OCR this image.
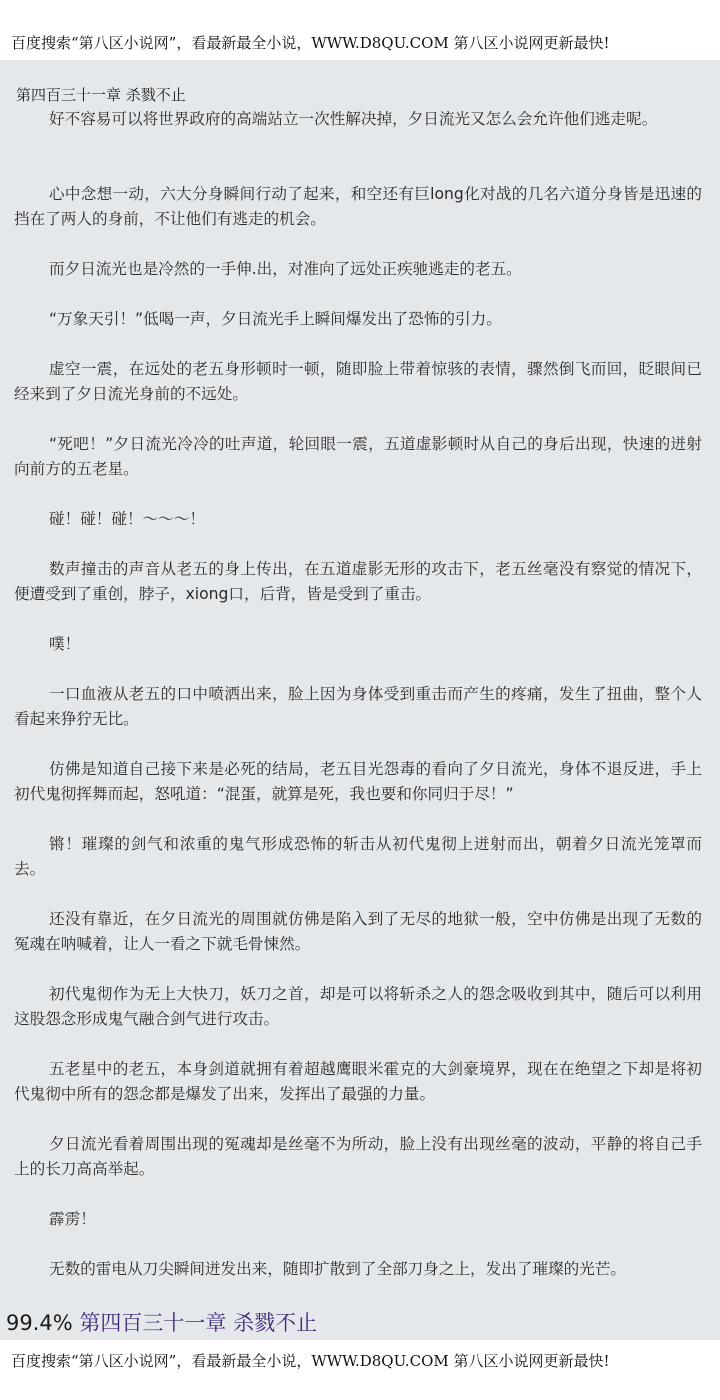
百度搜索“第八区小说网”，看最新最全小说，WWW.D8QU.COM 第八区小说网更新最快!
第四百三十一章 杀戮不止

好不容易可以将世界政府的高端站立一次性解决掉，夕日流光又怎么会允许他们逃走呢。

心中念想一动，六大分身瞬间行动了起来，和空还有巨long化对战的几名六道分身皆是迅速的挡在了两人的身前，不让他们有逃走的机会。

而夕日流光也是冷然的一手伸.出，对准向了远处正疾驰逃走的老五。

“万象天引！”低喝一声，夕日流光手上瞬间爆发出了恐怖的引力。

虚空一震，在远处的老五身形顿时一顿，随即脸上带着惊骇的表情，骤然倒飞而回，眨眼间已经来到了夕日流光身前的不远处。

“死吧！”夕日流光冷冷的吐声道，轮回眼一震，五道虚影顿时从自己的身后出现，快速的迸射向前方的五老星。

碰！碰！碰！～～～！

数声撞击的声音从老五的身上传出，在五道虚影无形的攻击下，老五丝毫没有察觉的情况下，便遭受到了重创，脖子，xiong口，后背，皆是受到了重击。

噗！

一口血液从老五的口中喷洒出来，脸上因为身体受到重击而产生的疼痛，发生了扭曲，整个人看起来狰狞无比。

仿佛是知道自己接下来是必死的结局，老五目光怨毒的看向了夕日流光，身体不退反进，手上初代鬼彻挥舞而起，怒吼道：“混蛋，就算是死，我也要和你同归于尽！”

锵！璀璨的剑气和浓重的鬼气形成恐怖的斩击从初代鬼彻上迸射而出，朝着夕日流光笼罩而去。

还没有靠近，在夕日流光的周围就仿佛是陷入到了无尽的地狱一般，空中仿佛是出现了无数的冤魂在呐喊着，让人一看之下就毛骨悚然。

初代鬼彻作为无上大快刀，妖刀之首，却是可以将斩杀之人的怨念吸收到其中，随后可以利用这股怨念形成鬼气融合剑气进行攻击。

五老星中的老五，本身剑道就拥有着超越鹰眼米霍克的大剑豪境界，现在在绝望之下却是将初代鬼彻中所有的怨念都是爆发了出来，发挥出了最强的力量。

夕日流光看着周围出现的冤魂却是丝毫不为所动，脸上没有出现丝毫的波动，平静的将自己手上的长刀高高举起。

霹雳！

无数的雷电从刀尖瞬间迸发出来，随即扩散到了全部刀身之上，发出了璀璨的光芒。

99.4% 第四百三十一章 杀戮不止
百度搜索“第八区小说网”，看最新最全小说，WWW.D8QU.COM 第八区小说网更新最快!
